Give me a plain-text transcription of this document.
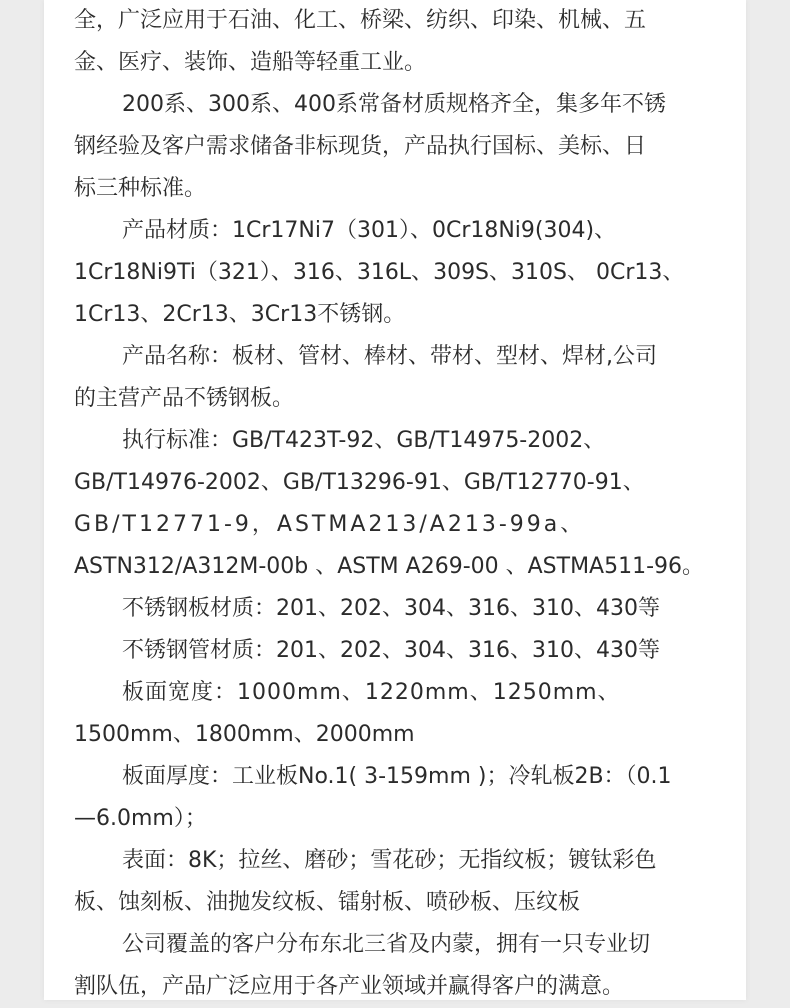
全，广泛应用于石油、化工、桥梁、纺织、印染、机械、五
金、医疗、装饰、造船等轻重工业。
200系、300系、400系常备材质规格齐全，集多年不锈
钢经验及客户需求储备非标现货，产品执行国标、美标、日
标三种标准。
产品材质：1Cr17Ni7（301）、0Cr18Ni9(304)、
1Cr18Ni9Ti（321）、316、316L、309S、310S、 0Cr13、
1Cr13、2Cr13、3Cr13不锈钢。
产品名称：板材、管材、棒材、带材、型材、焊材,公司
的主营产品不锈钢板。
执行标准：GB/T423T-92、GB/T14975-2002、
GB/T14976-2002、GB/T13296-91、GB/T12770-91、
GB/T12771-9，ASTMA213/A213-99a、
ASTN312/A312M-00b 、ASTM A269-00 、ASTMA511-96。
不锈钢板材质：201、202、304、316、310、430等
不锈钢管材质：201、202、304、316、310、430等
板面宽度：1000mm、1220mm、1250mm、
1500mm、1800mm、2000mm
板面厚度：工业板No.1( 3-159mm )；冷轧板2B：（0.1
—6.0mm）；
表面：8K；拉丝、磨砂；雪花砂；无指纹板；镀钛彩色
板、蚀刻板、油抛发纹板、镭射板、喷砂板、压纹板
公司覆盖的客户分布东北三省及内蒙，拥有一只专业切
割队伍，产品广泛应用于各产业领域并赢得客户的满意。
